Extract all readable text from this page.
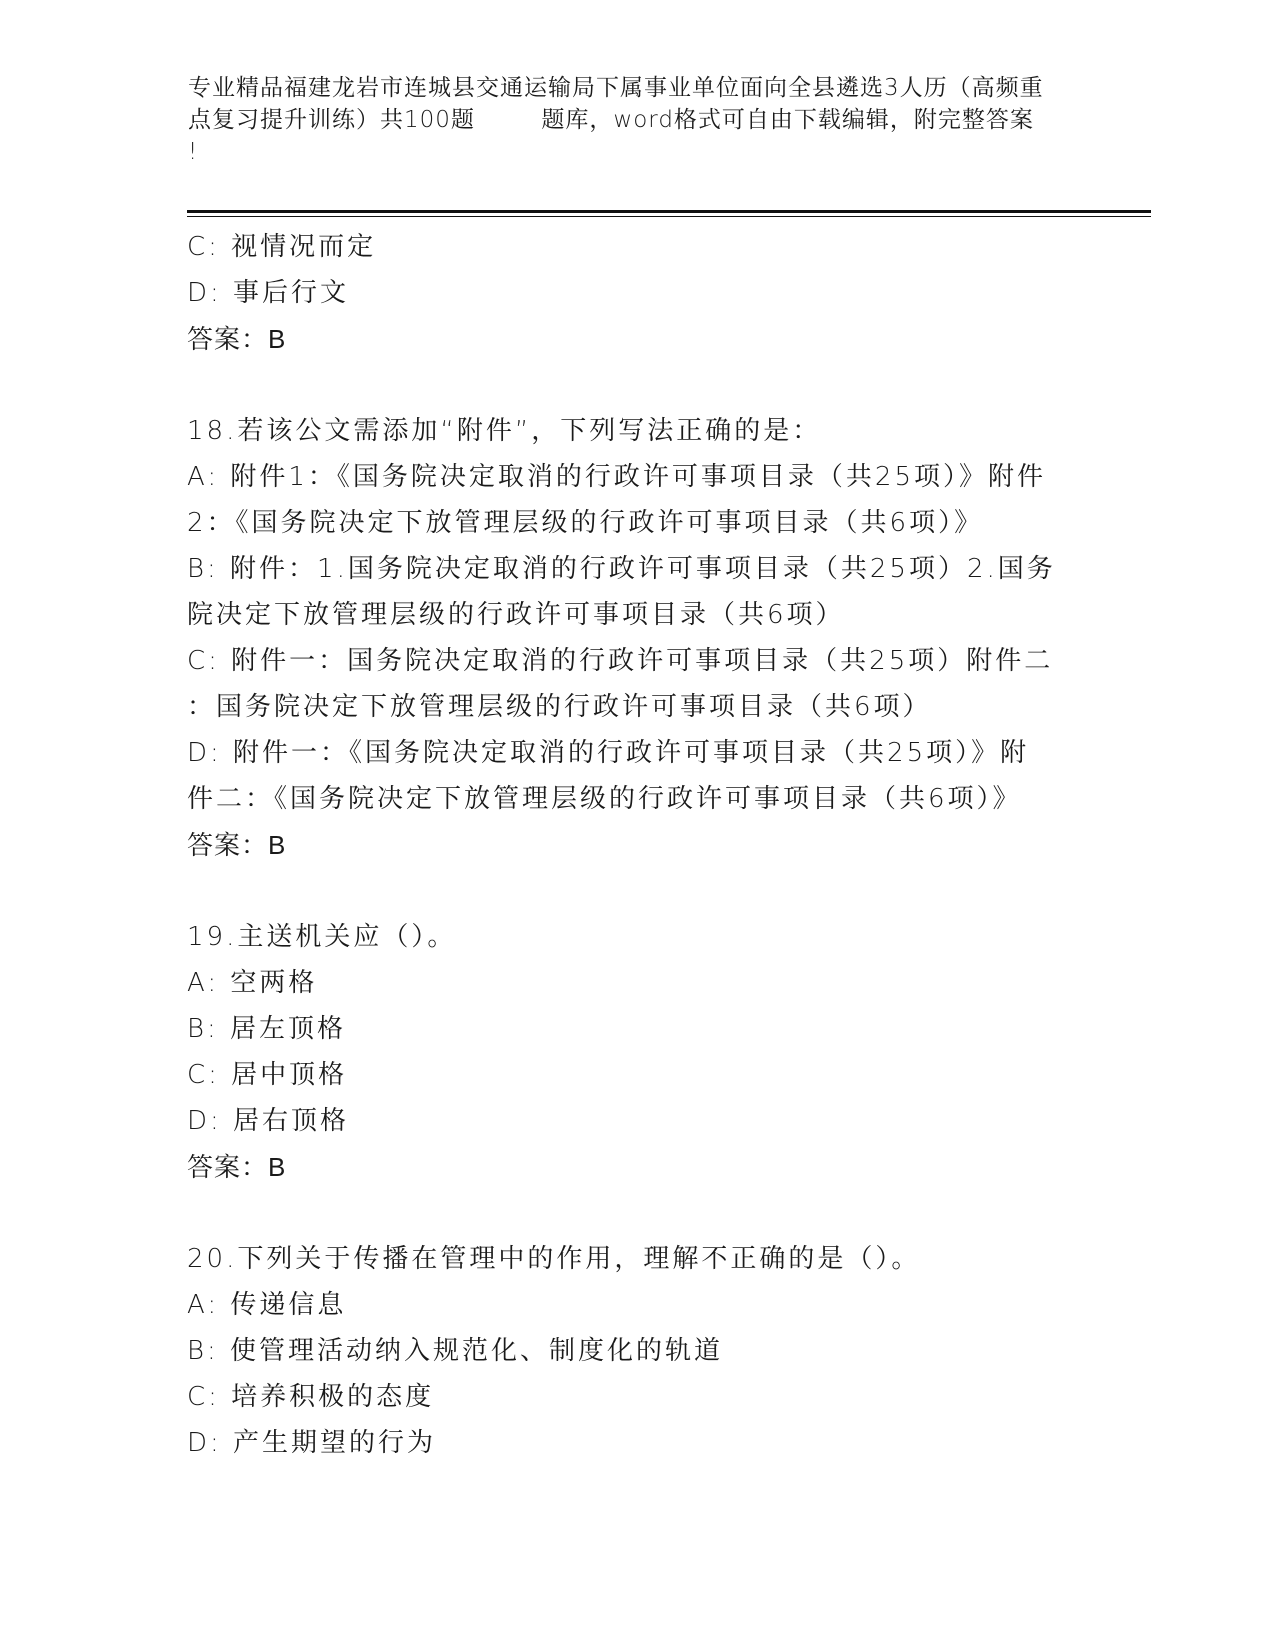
专业精品福建龙岩市连城县交通运输局下属事业单位面向全县遴选3人历（高频重
点复习提升训练）共100题        题库，word格式可自由下载编辑，附完整答案
!
C: 视情况而定
D: 事后行文
答案：B
18.若该公文需添加“附件”，下列写法正确的是：
A: 附件1：《国务院决定取消的行政许可事项目录（共25项）》附件
2：《国务院决定下放管理层级的行政许可事项目录（共6项）》
B: 附件：1.国务院决定取消的行政许可事项目录（共25项）2.国务
院决定下放管理层级的行政许可事项目录（共6项）
C: 附件一：国务院决定取消的行政许可事项目录（共25项）附件二
：国务院决定下放管理层级的行政许可事项目录（共6项）
D: 附件一：《国务院决定取消的行政许可事项目录（共25项）》附
件二：《国务院决定下放管理层级的行政许可事项目录（共6项）》
答案：B
19.主送机关应（）。
A: 空两格
B: 居左顶格
C: 居中顶格
D: 居右顶格
答案：B
20.下列关于传播在管理中的作用，理解不正确的是（）。
A: 传递信息
B: 使管理活动纳入规范化、制度化的轨道
C: 培养积极的态度
D: 产生期望的行为
